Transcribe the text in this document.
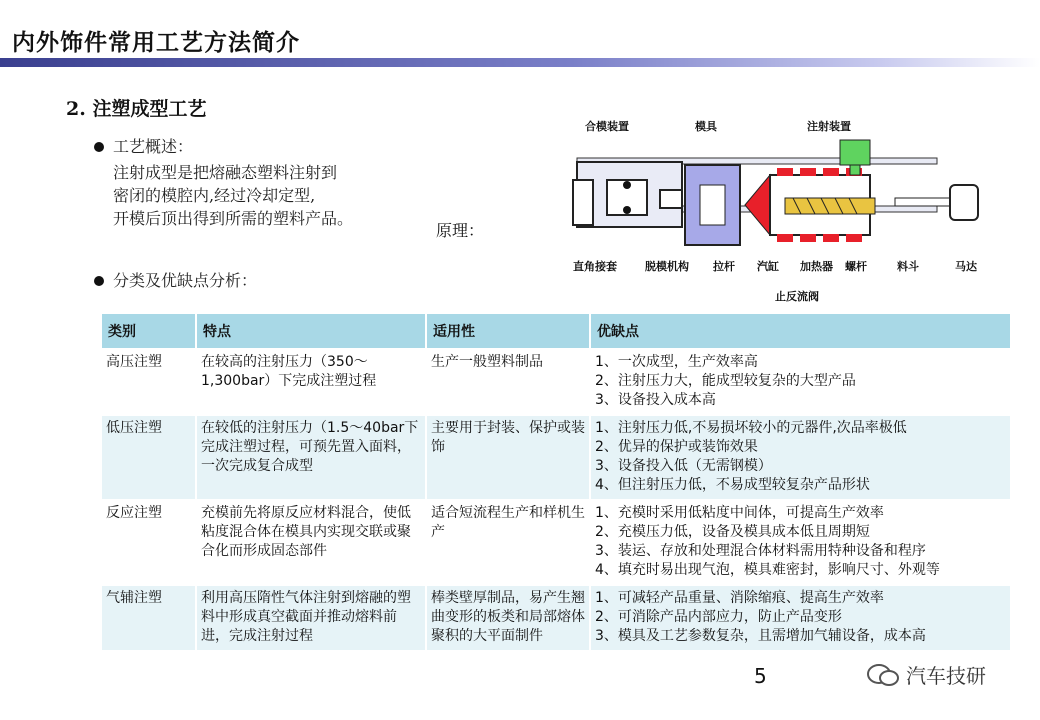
内外饰件常用工艺方法简介
2. 注塑成型工艺
工艺概述：
注射成型是把熔融态塑料注射到
密闭的模腔内,经过冷却定型,
开模后顶出得到所需的塑料产品。
原理：
合模装置	模具	注射装置
直角接套	脱模机构 拉杆 汽缸 加热器 螺杆	料斗	马达
止反流阀
分类及优缺点分析：
类别	特点	适用性	优缺点
高压注塑	在较高的注射压力（350～1,300bar）下完成注塑过程	生产一般塑料制品	1、一次成型，生产效率高
2、注射压力大，能成型较复杂的大型产品
3、设备投入成本高

低压注塑	在较低的注射压力（1.5～40bar下完成注塑过程，可预先置入面料，一次完成复合成型	主要用于封装、保护或装饰	1、注射压力低,不易损坏较小的元器件,次品率极低
2、优异的保护或装饰效果
3、设备投入低（无需钢模）
4、但注射压力低，不易成型较复杂产品形状

反应注塑	充模前先将原反应材料混合，使低粘度混合体在模具内实现交联或聚合化而形成固态部件	适合短流程生产和样机生产	1、充模时采用低粘度中间体，可提高生产效率
2、充模压力低，设备及模具成本低且周期短
3、装运、存放和处理混合体材料需用特种设备和程序
4、填充时易出现气泡，模具难密封，影响尺寸、外观等

气辅注塑	利用高压隋性气体注射到熔融的塑料中形成真空截面并推动熔料前进，完成注射过程	棒类壁厚制品，易产生翘曲变形的板类和局部熔体聚积的大平面制件	1、可减轻产品重量、消除缩痕、提高生产效率
2、可消除产品内部应力，防止产品变形
3、模具及工艺参数复杂，且需增加气辅设备，成本高
5	汽车技研
